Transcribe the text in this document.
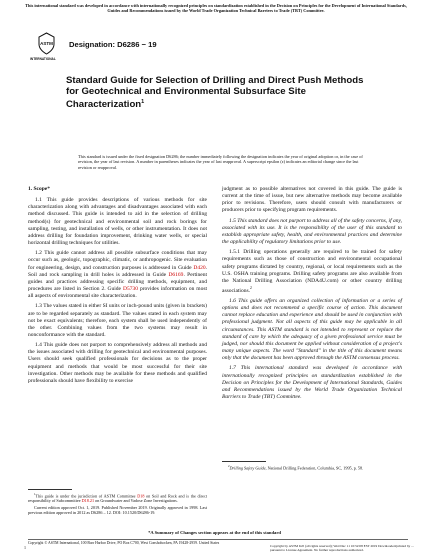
This international standard was developed in accordance with internationally recognized principles on standardization established in the Decision on Principles for the Development of International Standards, Guides and Recommendations issued by the World Trade Organization Technical Barriers to Trade (TBT) Committee.
ASTM
INTERNATIONAL
Designation: D6286 − 19
Standard Guide for Selection of Drilling and Direct Push Methods for Geotechnical and Environmental Subsurface Site Characterization$^1$
This standard is issued under the fixed designation D6286; the number immediately following the designation indicates the year of original adoption or, in the case of revision, the year of last revision. A number in parentheses indicates the year of last reapproval. A superscript epsilon (ε) indicates an editorial change since the last revision or reapproval.

1. Scope*

1.1 This guide provides descriptions of various methods for site characterization along with advantages and disadvantages associated with each method discussed. This guide is intended to aid in the selection of drilling method(s) for geotechnical and environmental soil and rock borings for sampling, testing, and installation of wells, or other instrumentation. It does not address drilling for foundation improvement, drinking water wells, or special horizontal drilling techniques for utilities.

1.2 This guide cannot address all possible subsurface conditions that may occur such as, geologic, topographic, climatic, or anthropogenic. Site evaluation for engineering, design, and construction purposes is addressed in Guide D420. Soil and rock sampling in drill holes is addressed in Guide D6169. Pertinent guides and practices addressing specific drilling methods, equipment, and procedures are listed in Section 2. Guide D5730 provides information on most all aspects of environmental site characterization.

1.3 The values stated in either SI units or inch-pound units (given in brackets) are to be regarded separately as standard. The values stated in each system may not be exact equivalents; therefore, each system shall be used independently of the other. Combining values from the two systems may result in nonconformance with the standard.

1.4 This guide does not purport to comprehensively address all methods and the issues associated with drilling for geotechnical and environmental purposes. Users should seek qualified professionals for decisions as to the proper equipment and methods that would be most successful for their site investigation. Other methods may be available for these methods and qualified professionals should have flexibility to exercise

judgment as to possible alternatives not covered in this guide. The guide is current at the time of issue, but new alternative methods may become available prior to revisions. Therefore, users should consult with manufacturers or producers prior to specifying program requirements.

1.5 This standard does not purport to address all of the safety concerns, if any, associated with its use. It is the responsibility of the user of this standard to establish appropriate safety, health, and environmental practices and determine the applicability of regulatory limitations prior to use.

1.5.1 Drilling operations generally are required to be trained for safety requirements such as those of construction and environmental occupational safety programs dictated by country, regional, or local requirements such as the U.S. OSHA training programs. Drilling safety programs are also available from the National Drilling Association (NDA4U.com) or other country drilling associations.$^2$

1.6 This guide offers an organized collection of information or a series of options and does not recommend a specific course of action. This document cannot replace education and experience and should be used in conjunction with professional judgment. Not all aspects of this guide may be applicable in all circumstances. This ASTM standard is not intended to represent or replace the standard of care by which the adequacy of a given professional service must be judged, nor should this document be applied without consideration of a project's many unique aspects. The word "Standard" in the title of this document means only that the document has been approved through the ASTM consensus process.

1.7 This international standard was developed in accordance with internationally recognized principles on standardization established in the Decision on Principles for the Development of International Standards, Guides and Recommendations issued by the World Trade Organization Technical Barriers to Trade (TBT) Committee.

$^1$This guide is under the jurisdiction of ASTM Committee D18 on Soil and Rock and is the direct responsibility of Subcommittee D18.21 on Groundwater and Vadose Zone Investigations.

Current edition approved Oct. 1, 2019. Published November 2019. Originally approved in 1998. Last previous edition approved in 2012 as D6286 – 12. DOI: 10.1520/D6286-19.

$^2$Drilling Safety Guide, National Drilling Federation, Columbia, SC, 1995, p. 58.

*A Summary of Changes section appears at the end of this standard
Copyright © ASTM International, 100 Barr Harbor Drive, PO Box C700, West Conshohocken, PA 19428-2959. United States
1	Copyright by ASTM Int'l (all rights reserved); Wed Dec 11 10:52:08 EST 2019 Downloaded/printed by ... pursuant to License Agreement. No further reproductions authorized.
